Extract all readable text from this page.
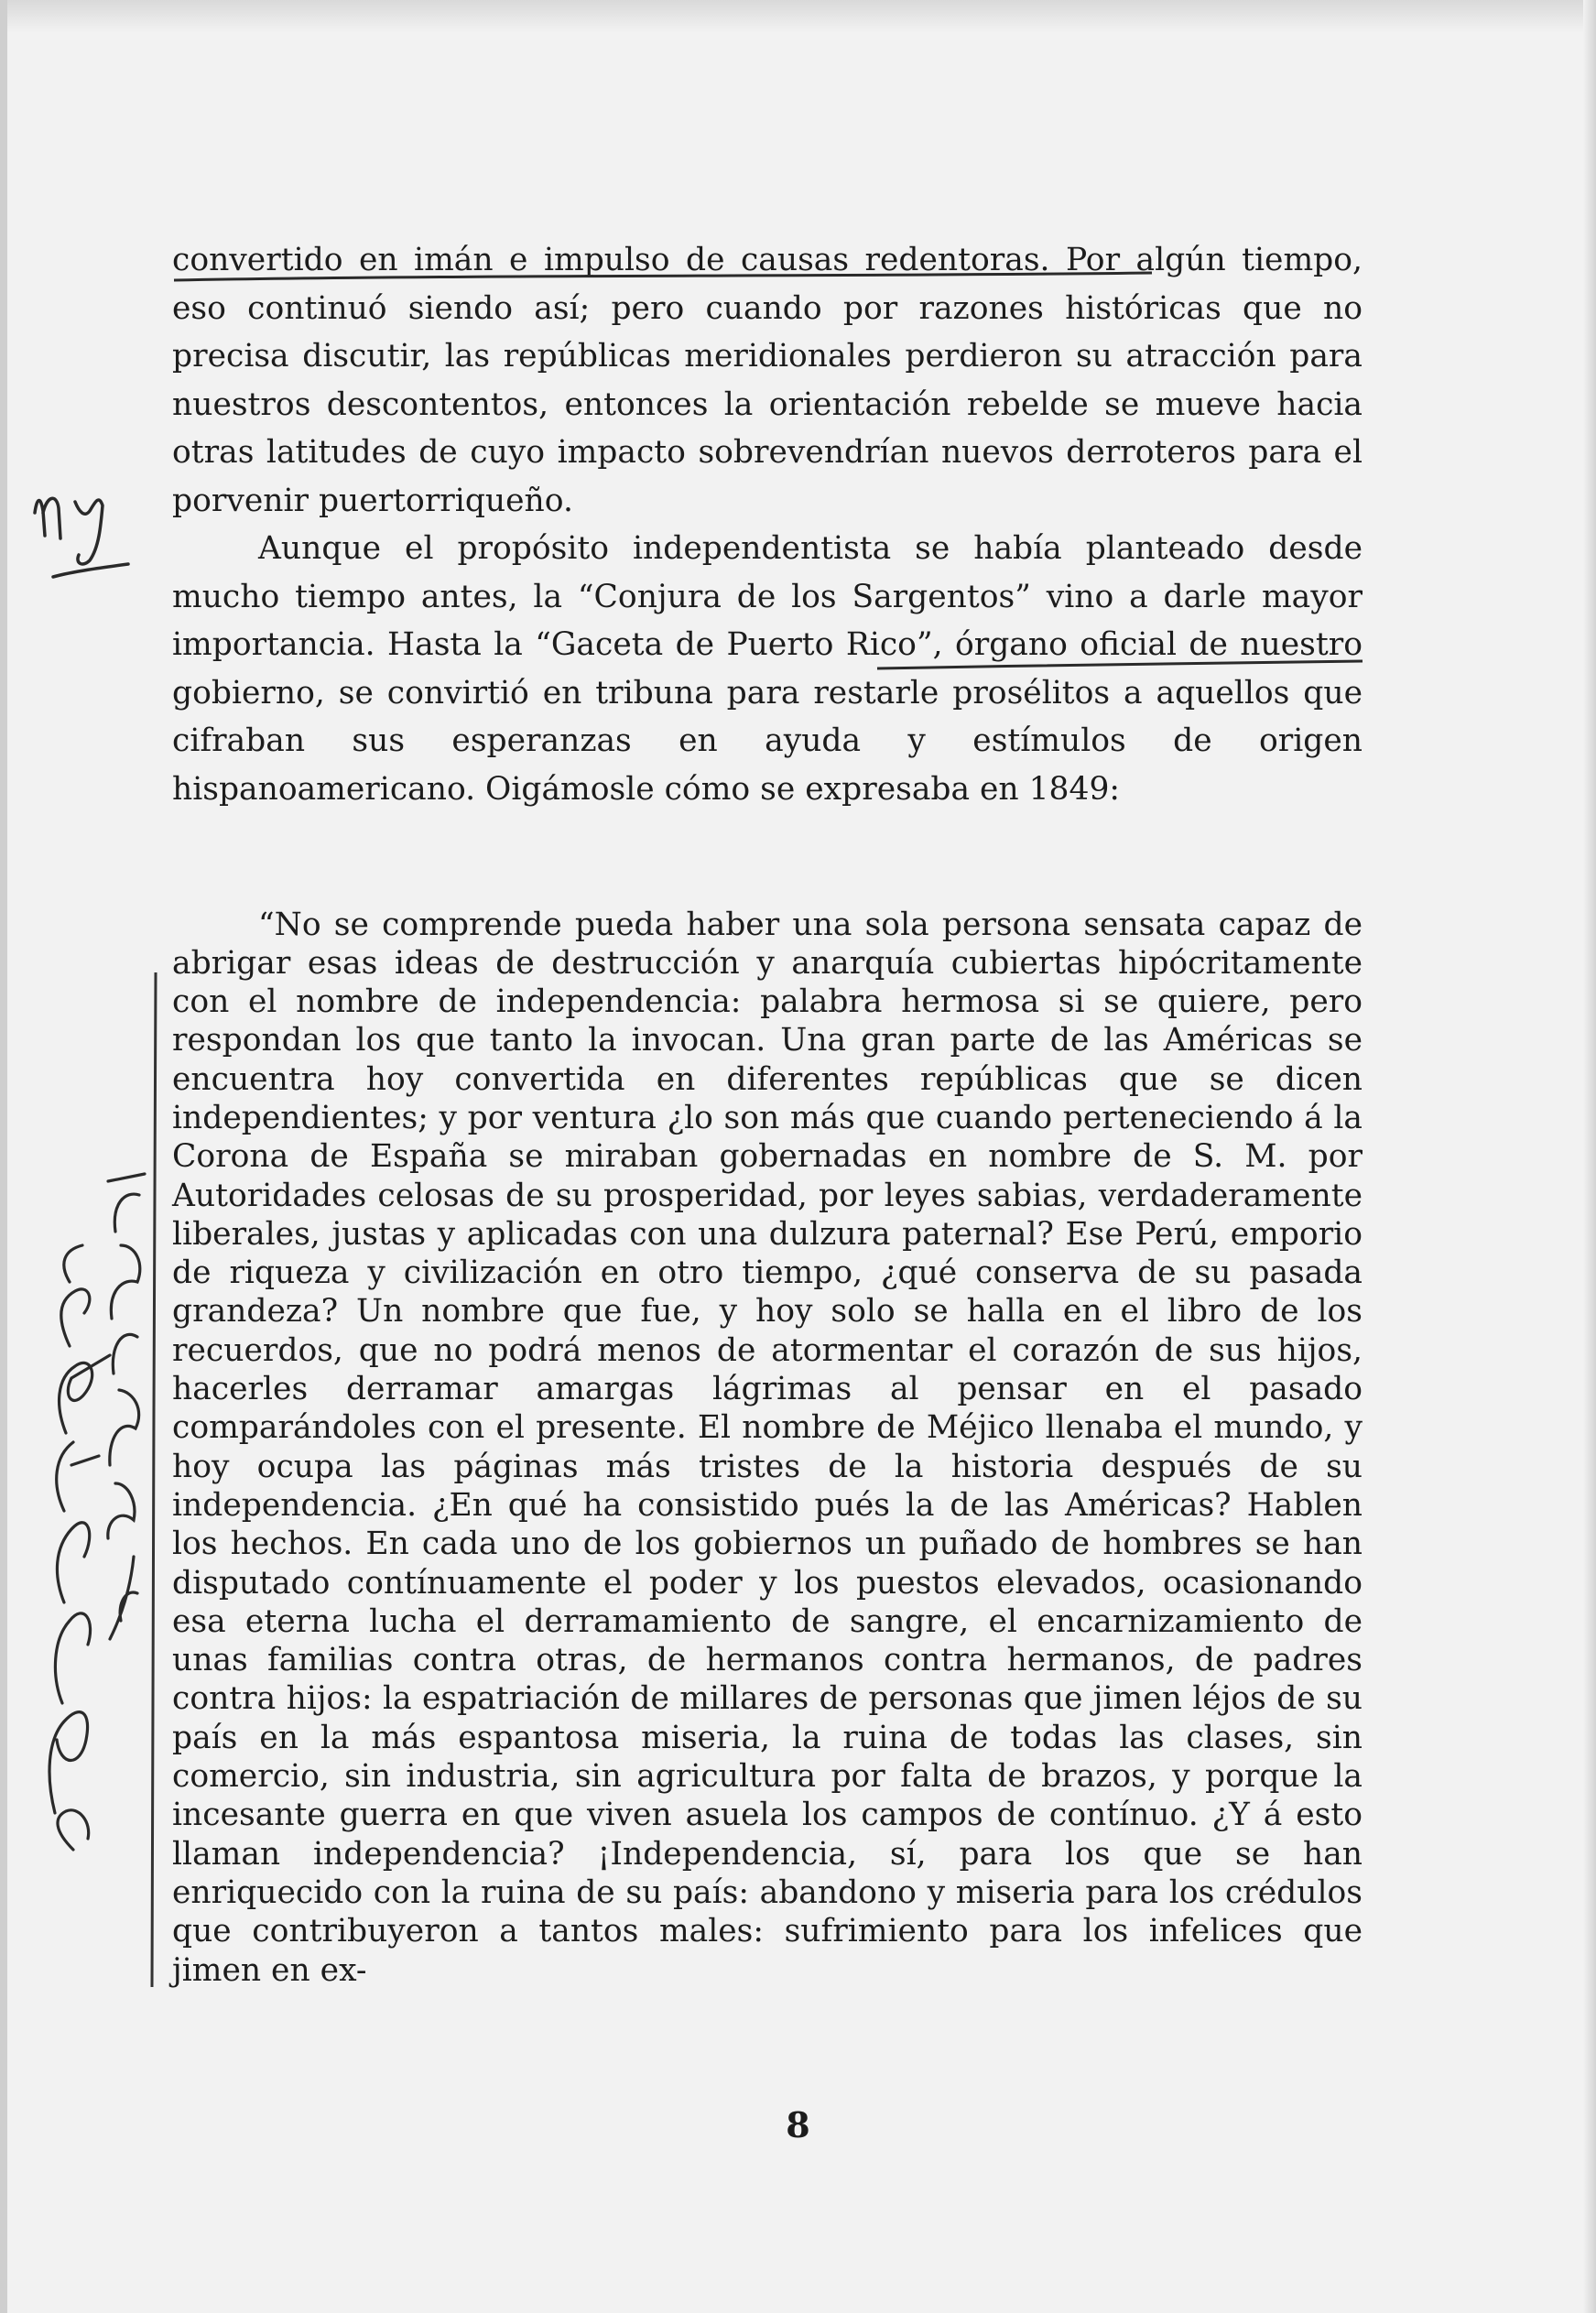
convertido en imán e impulso de causas redentoras. Por algún tiempo, eso continuó siendo así; pero cuando por razones históricas que no precisa discutir, las repúblicas meridionales perdieron su atracción para nuestros descontentos, entonces la orientación rebelde se mueve hacia otras latitudes de cuyo impacto sobrevendrían nuevos derroteros para el porvenir puertorriqueño.

Aunque el propósito independentista se había planteado desde mucho tiempo antes, la “Conjura de los Sargentos” vino a darle mayor importancia. Hasta la “Gaceta de Puerto Rico”, órgano oficial de nuestro gobierno, se convirtió en tribuna para restarle prosélitos a aquellos que cifraban sus esperanzas en ayuda y estímulos de origen hispanoamericano. Oigámosle cómo se expresaba en 1849:

“No se comprende pueda haber una sola persona sensata capaz de abrigar esas ideas de destrucción y anarquía cubiertas hipócritamente con el nombre de independencia: palabra hermosa si se quiere, pero respondan los que tanto la invocan. Una gran parte de las Américas se encuentra hoy convertida en diferentes repúblicas que se dicen independientes; y por ventura ¿lo son más que cuando perteneciendo á la Corona de España se miraban gobernadas en nombre de S. M. por Autoridades celosas de su prosperidad, por leyes sabias, verdaderamente liberales, justas y aplicadas con una dulzura paternal? Ese Perú, emporio de riqueza y civilización en otro tiempo, ¿qué conserva de su pasada grandeza? Un nombre que fue, y hoy solo se halla en el libro de los recuerdos, que no podrá menos de atormentar el corazón de sus hijos, hacerles derramar amargas lágrimas al pensar en el pasado comparándoles con el presente. El nombre de Méjico llenaba el mundo, y hoy ocupa las páginas más tristes de la historia después de su independencia. ¿En qué ha consistido pués la de las Américas? Hablen los hechos. En cada uno de los gobiernos un puñado de hombres se han disputado contínuamente el poder y los puestos elevados, ocasionando esa eterna lucha el derramamiento de sangre, el encarnizamiento de unas familias contra otras, de hermanos contra hermanos, de padres contra hijos: la espatriación de millares de personas que jimen léjos de su país en la más espantosa miseria, la ruina de todas las clases, sin comercio, sin industria, sin agricultura por falta de brazos, y porque la incesante guerra en que viven asuela los campos de contínuo. ¿Y á esto llaman independencia? ¡Independencia, sí, para los que se han enriquecido con la ruina de su país: abandono y miseria para los crédulos que contribuyeron a tantos males: sufrimiento para los infelices que jimen en ex-

8
